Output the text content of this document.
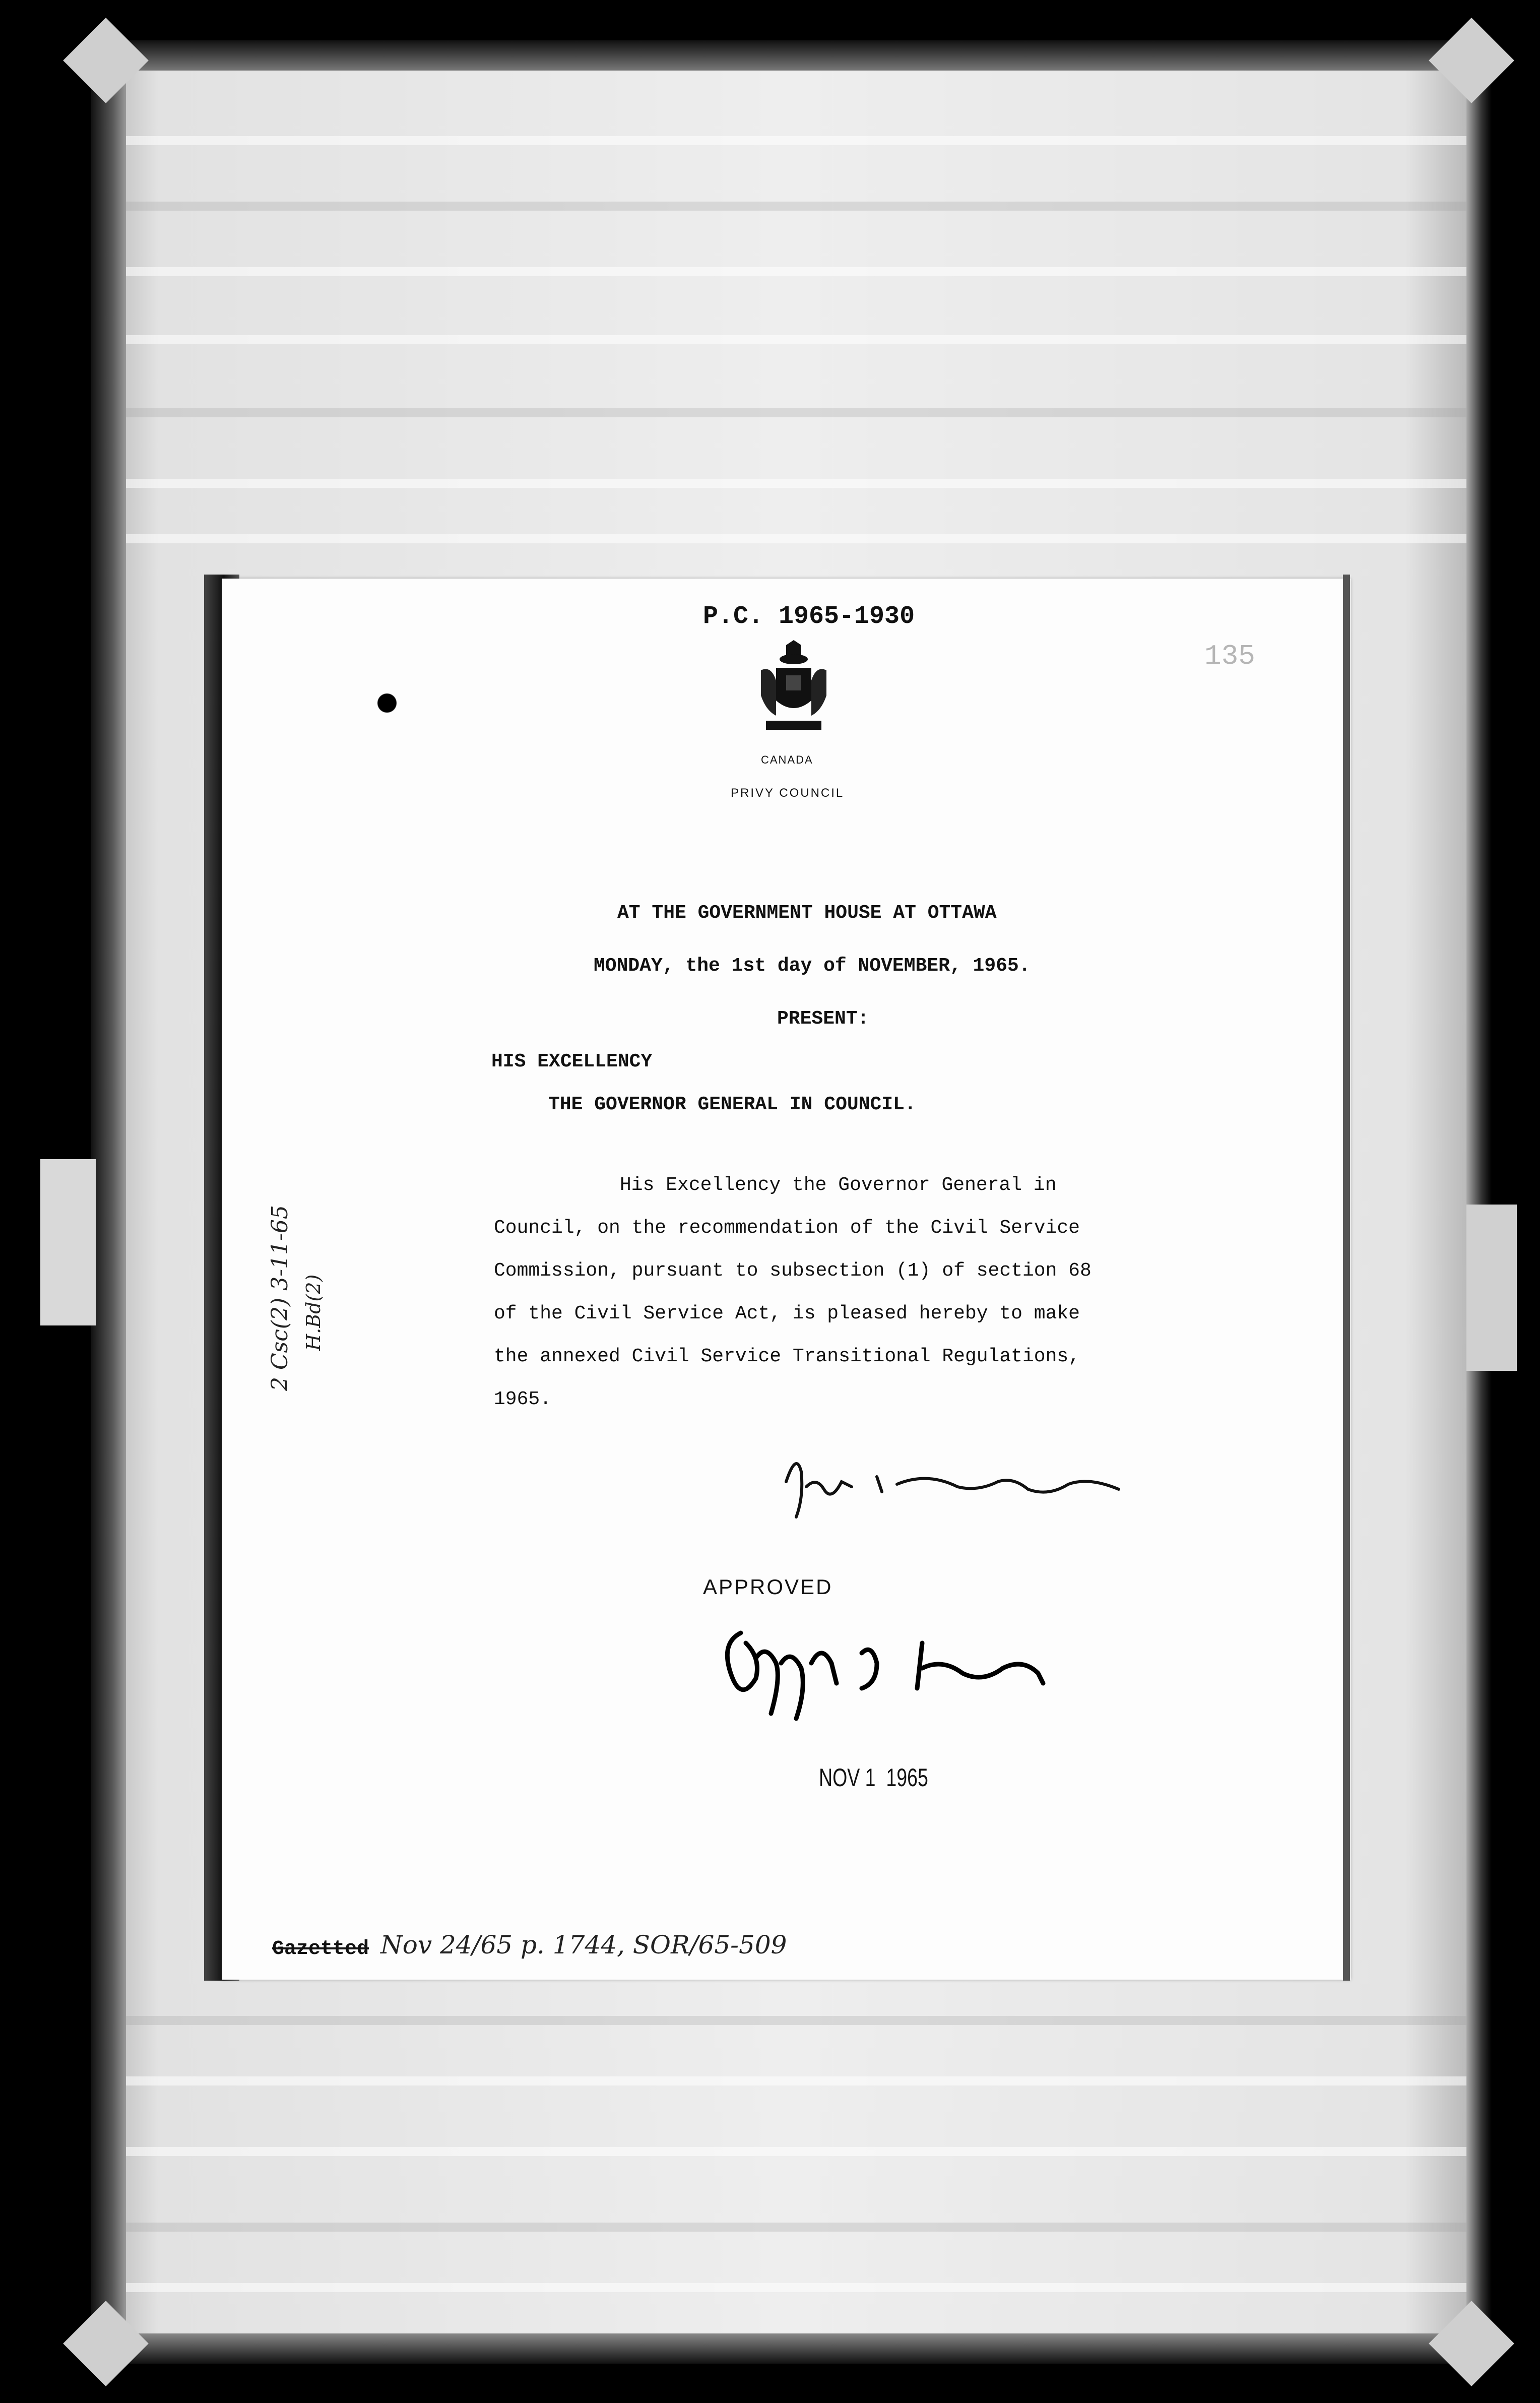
P.C. 1965-1930
135
CANADA
PRIVY COUNCIL
AT THE GOVERNMENT HOUSE AT OTTAWA
MONDAY, the 1st day of NOVEMBER, 1965.
PRESENT:
HIS EXCELLENCY
THE GOVERNOR GENERAL IN COUNCIL.
His Excellency the Governor General in
Council, on the recommendation of the Civil Service
Commission, pursuant to subsection (1) of section 68
of the Civil Service Act, is pleased hereby to make
the annexed Civil Service Transitional Regulations,
1965.
APPROVED
NOV 1  1965
Gazetted Nov 24/65 p. 1744, SOR/65-509
2 Csc(2) 3-11-65 H.Bd(2)
